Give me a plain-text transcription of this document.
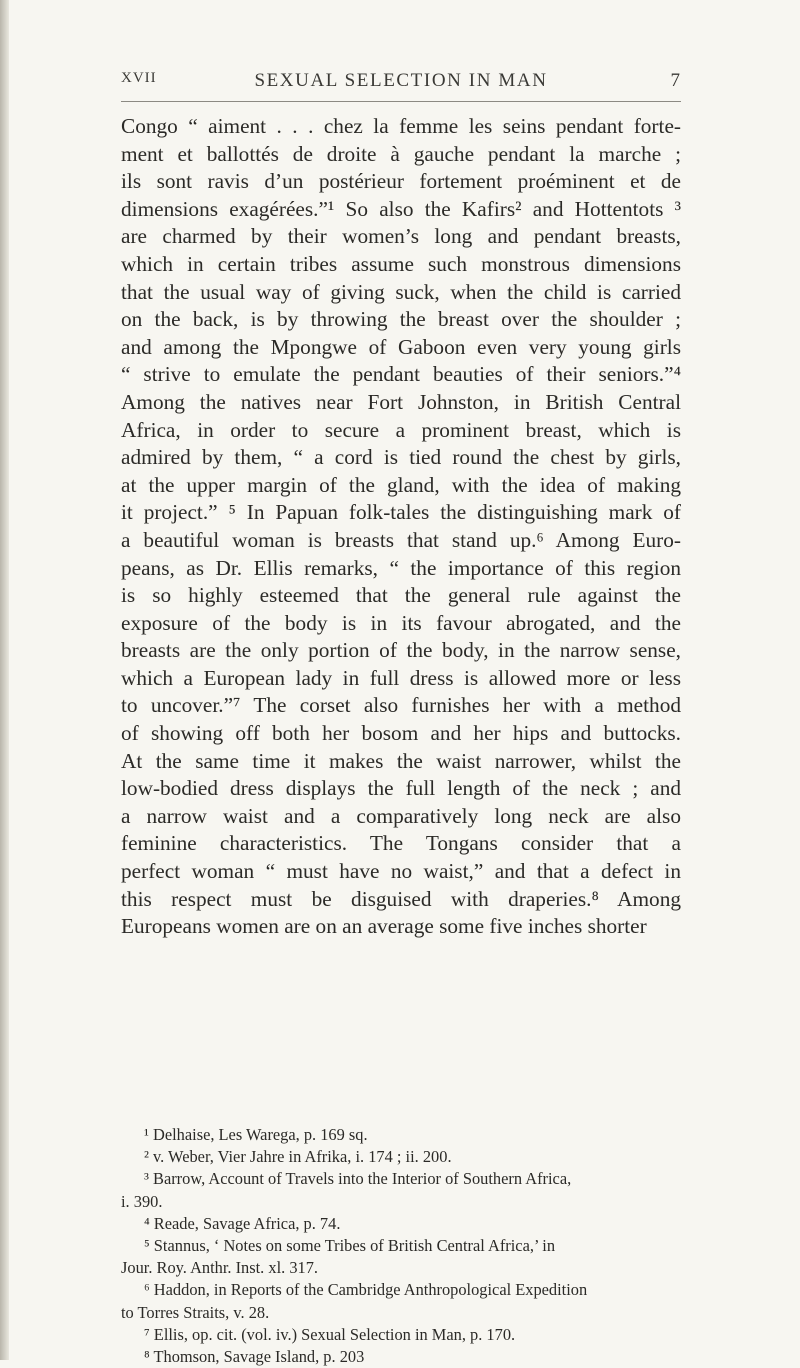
XVII	SEXUAL SELECTION IN MAN	7
Congo “ aiment . . . chez la femme les seins pendant forte-
ment et ballottés de droite à gauche pendant la marche ;
ils sont ravis d’un postérieur fortement proéminent et de
dimensions exagérées.”¹ So also the Kafirs² and Hottentots ³
are charmed by their women’s long and pendant breasts,
which in certain tribes assume such monstrous dimensions
that the usual way of giving suck, when the child is carried
on the back, is by throwing the breast over the shoulder ;
and among the Mpongwe of Gaboon even very young girls
“ strive to emulate the pendant beauties of their seniors.”⁴
Among the natives near Fort Johnston, in British Central
Africa, in order to secure a prominent breast, which is
admired by them, “ a cord is tied round the chest by girls,
at the upper margin of the gland, with the idea of making
it project.” ⁵ In Papuan folk-tales the distinguishing mark of
a beautiful woman is breasts that stand up.⁶ Among Euro-
peans, as Dr. Ellis remarks, “ the importance of this region
is so highly esteemed that the general rule against the
exposure of the body is in its favour abrogated, and the
breasts are the only portion of the body, in the narrow sense,
which a European lady in full dress is allowed more or less
to uncover.”⁷ The corset also furnishes her with a method
of showing off both her bosom and her hips and buttocks.
At the same time it makes the waist narrower, whilst the
low-bodied dress displays the full length of the neck ; and
a narrow waist and a comparatively long neck are also
feminine characteristics. The Tongans consider that a
perfect woman “ must have no waist,” and that a defect in
this respect must be disguised with draperies.⁸ Among
Europeans women are on an average some five inches shorter
¹ Delhaise, Les Warega, p. 169 sq.
² v. Weber, Vier Jahre in Afrika, i. 174 ; ii. 200.
³ Barrow, Account of Travels into the Interior of Southern Africa,
i. 390.
⁴ Reade, Savage Africa, p. 74.
⁵ Stannus, ‘ Notes on some Tribes of British Central Africa,’ in
Jour. Roy. Anthr. Inst. xl. 317.
⁶ Haddon, in Reports of the Cambridge Anthropological Expedition
to Torres Straits, v. 28.
⁷ Ellis, op. cit. (vol. iv.) Sexual Selection in Man, p. 170.
⁸ Thomson, Savage Island, p. 203
